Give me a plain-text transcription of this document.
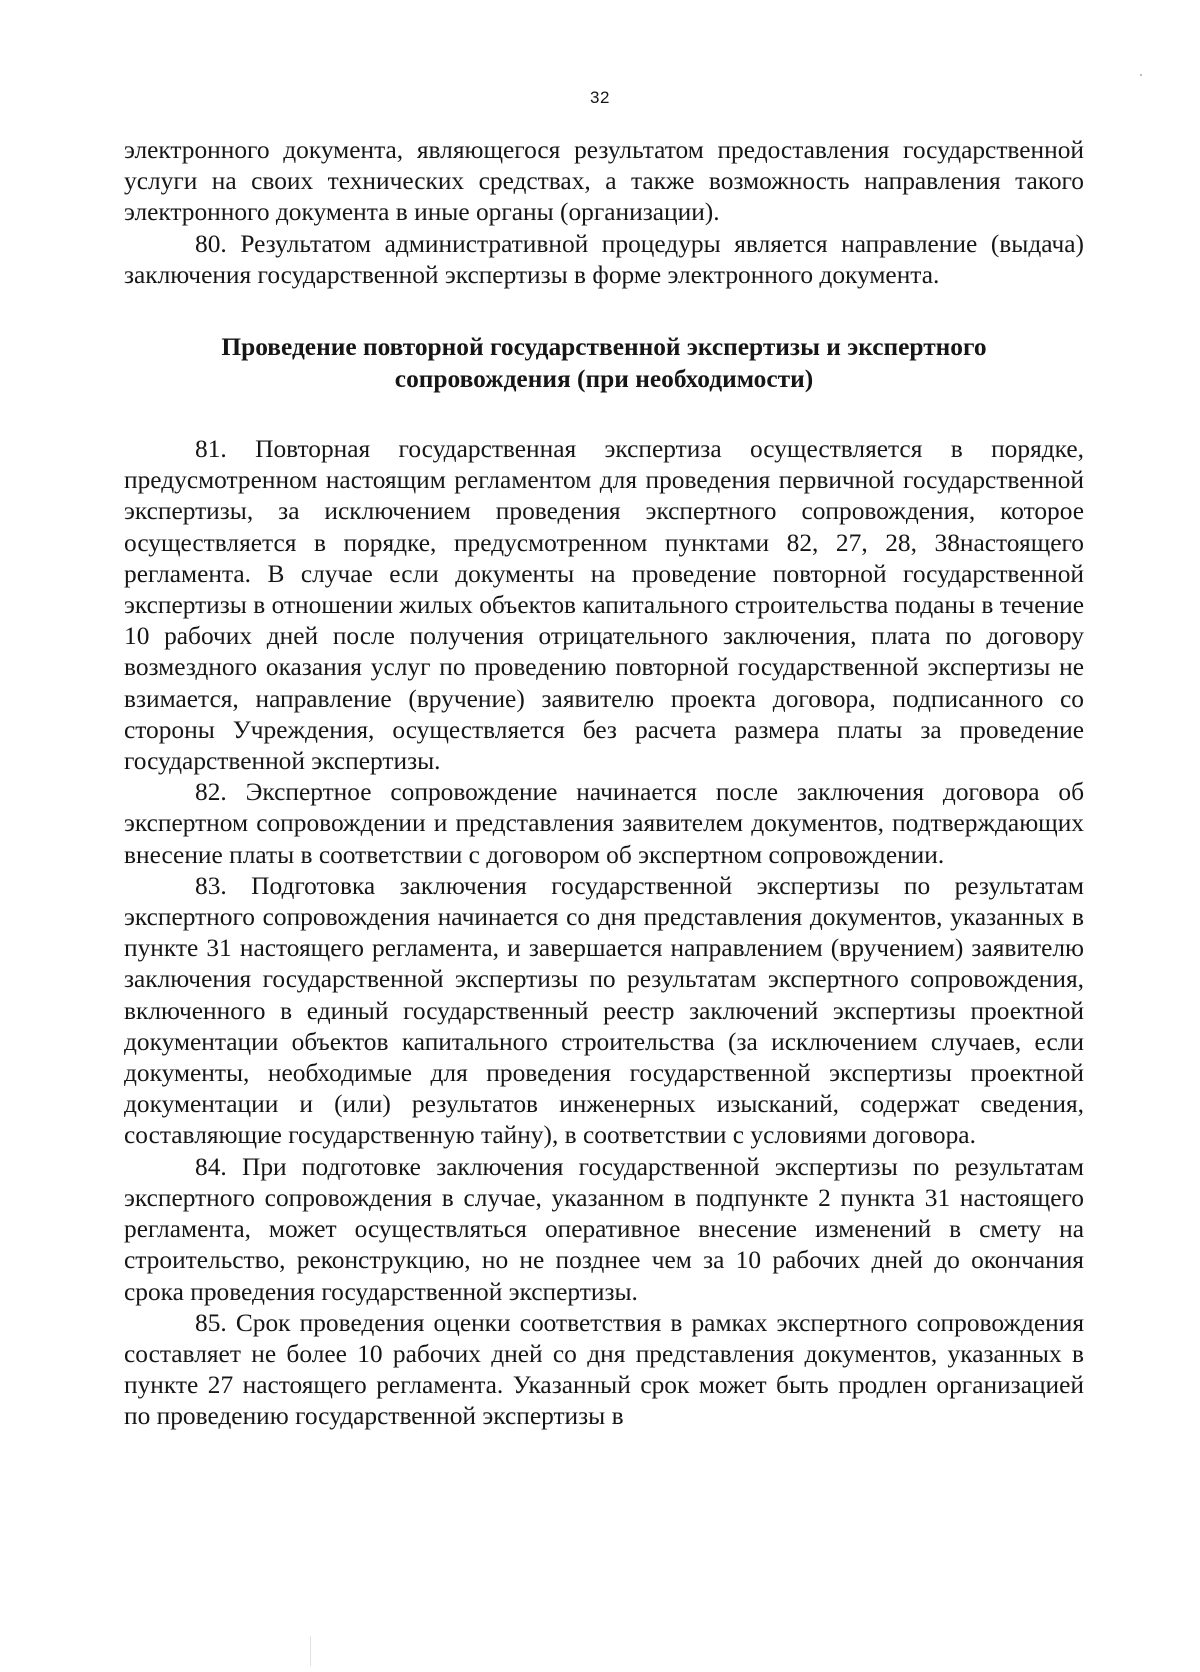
32

электронного документа, являющегося результатом предоставления государственной услуги на своих технических средствах, а также возможность направления такого электронного документа в иные органы (организации).

80. Результатом административной процедуры является направление (выдача) заключения государственной экспертизы в форме электронного документа.

Проведение повторной государственной экспертизы и экспертного
сопровождения (при необходимости)

81. Повторная государственная экспертиза осуществляется в порядке, предусмотренном настоящим регламентом для проведения первичной государственной экспертизы, за исключением проведения экспертного сопровождения, которое осуществляется в порядке, предусмотренном пунктами 82, 27, 28, 38настоящего регламента. В случае если документы на проведение повторной государственной экспертизы в отношении жилых объектов капитального строительства поданы в течение 10 рабочих дней после получения отрицательного заключения, плата по договору возмездного оказания услуг по проведению повторной государственной экспертизы не взимается, направление (вручение) заявителю проекта договора, подписанного со стороны Учреждения, осуществляется без расчета размера платы за проведение государственной экспертизы.

82. Экспертное сопровождение начинается после заключения договора об экспертном сопровождении и представления заявителем документов, подтверждающих внесение платы в соответствии с договором об экспертном сопровождении.

83. Подготовка заключения государственной экспертизы по результатам экспертного сопровождения начинается со дня представления документов, указанных в пункте 31 настоящего регламента, и завершается направлением (вручением) заявителю заключения государственной экспертизы по результатам экспертного сопровождения, включенного в единый государственный реестр заключений экспертизы проектной документации объектов капитального строительства (за исключением случаев, если документы, необходимые для проведения государственной экспертизы проектной документации и (или) результатов инженерных изысканий, содержат сведения, составляющие государственную тайну), в соответствии с условиями договора.

84. При подготовке заключения государственной экспертизы по результатам экспертного сопровождения в случае, указанном в подпункте 2 пункта 31 настоящего регламента, может осуществляться оперативное внесение изменений в смету на строительство, реконструкцию, но не позднее чем за 10 рабочих дней до окончания срока проведения государственной экспертизы.

85. Срок проведения оценки соответствия в рамках экспертного сопровождения составляет не более 10 рабочих дней со дня представления документов, указанных в пункте 27 настоящего регламента. Указанный срок может быть продлен организацией по проведению государственной экспертизы в
